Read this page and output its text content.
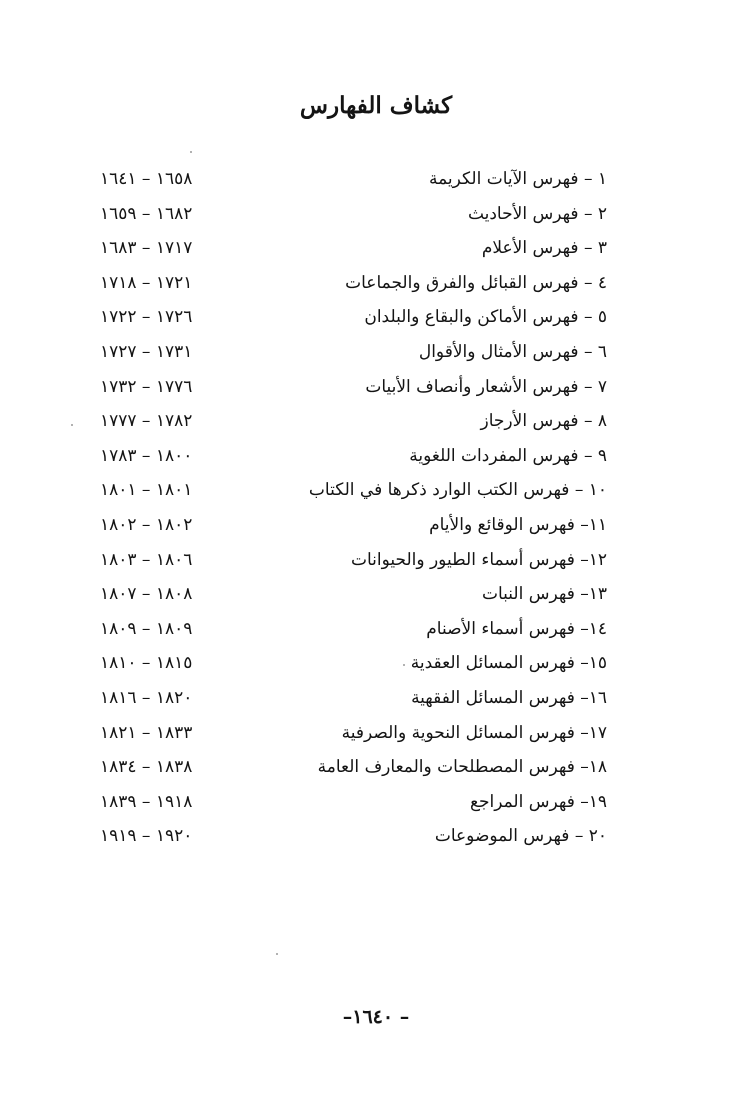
كشاف الفهارس
١ – فهرس الآيات الكريمة
١٦٥٨ – ١٦٤١
٢ – فهرس الأحاديث
١٦٨٢ – ١٦٥٩
٣ – فهرس الأعلام
١٧١٧ – ١٦٨٣
٤ – فهرس القبائل والفرق والجماعات
١٧٢١ – ١٧١٨
٥ – فهرس الأماكن والبقاع والبلدان
١٧٢٦ – ١٧٢٢
٦ – فهرس الأمثال والأقوال
١٧٣١ – ١٧٢٧
٧ – فهرس الأشعار وأنصاف الأبيات
١٧٧٦ – ١٧٣٢
٨ – فهرس الأرجاز
١٧٨٢ – ١٧٧٧
٩ – فهرس المفردات اللغوية
١٨٠٠ – ١٧٨٣
١٠ – فهرس الكتب الوارد ذكرها في الكتاب
١٨٠١ – ١٨٠١
١١– فهرس الوقائع والأيام
١٨٠٢ – ١٨٠٢
١٢– فهرس أسماء الطيور والحيوانات
١٨٠٦ – ١٨٠٣
١٣– فهرس النبات
١٨٠٨ – ١٨٠٧
١٤– فهرس أسماء الأصنام
١٨٠٩ – ١٨٠٩
١٥– فهرس المسائل العقدية
١٨١٥ – ١٨١٠
١٦– فهرس المسائل الفقهية
١٨٢٠ – ١٨١٦
١٧– فهرس المسائل النحوية والصرفية
١٨٣٣ – ١٨٢١
١٨– فهرس المصطلحات والمعارف العامة
١٨٣٨ – ١٨٣٤
١٩– فهرس المراجع
١٩١٨ – ١٨٣٩
٢٠ – فهرس الموضوعات
١٩٢٠ – ١٩١٩
–١٦٤٠ –
